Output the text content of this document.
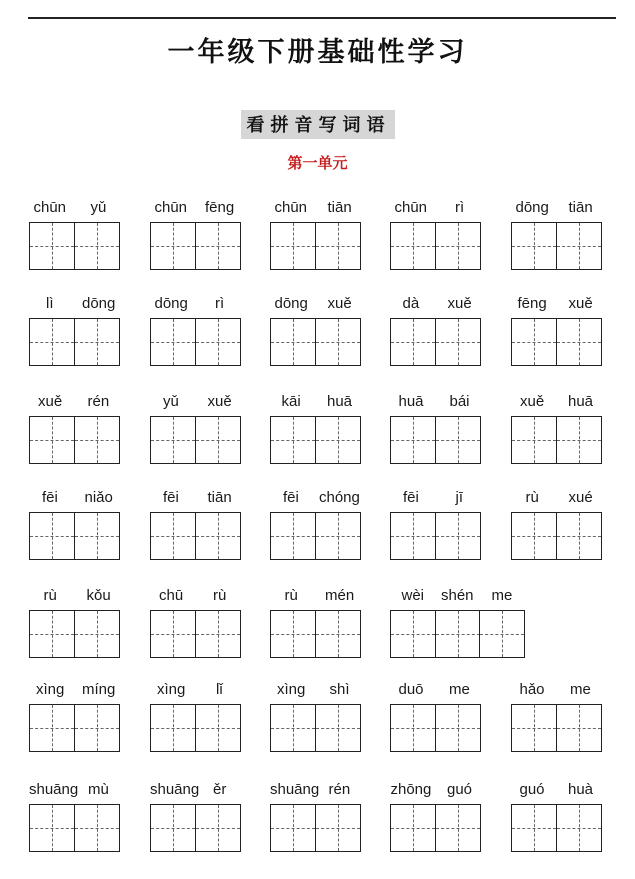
一年级下册基础性学习
看拼音写词语
第一单元
chūn yǔ	chūn fēng	chūn tiān	chūn rì	dōng tiān
lì dōng	dōng rì	dōng xuě	dà xuě	fēng xuě
xuě rén	yǔ xuě	kāi huā	huā bái	xuě huā
fēi niǎo	fēi tiān	fēi chóng	fēi jī	rù xué
rù kǒu	chū rù	rù mén	wèi shén me
xìng míng	xìng lǐ	xìng shì	duō me	hǎo me
shuāng mù	shuāng ěr	shuāng rén	zhōng guó	guó huà
